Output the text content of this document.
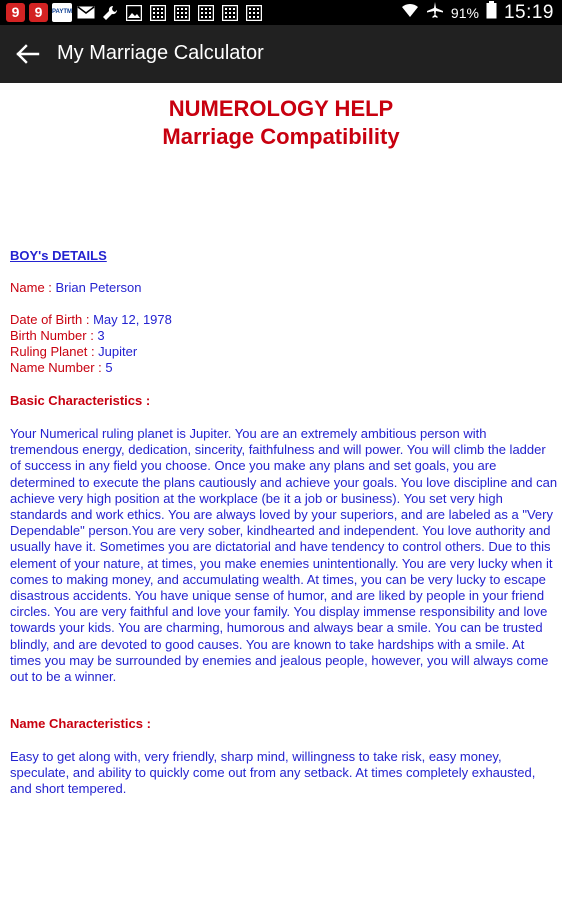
9	9	PAYTM	91% 15:19
My Marriage Calculator
NUMEROLOGY HELP
Marriage Compatibility
BOY's DETAILS
Name : Brian Peterson
Date of Birth : May 12, 1978
Birth Number : 3
Ruling Planet : Jupiter
Name Number : 5
Basic Characteristics :
Your Numerical ruling planet is Jupiter. You are an extremely ambitious person with tremendous energy, dedication, sincerity, faithfulness and will power. You will climb the ladder of success in any field you choose. Once you make any plans and set goals, you are determined to execute the plans cautiously and achieve your goals. You love discipline and can achieve very high position at the workplace (be it a job or business). You set very high standards and work ethics. You are always loved by your superiors, and are labeled as a "Very Dependable" person.You are very sober, kindhearted and independent. You love authority and usually have it. Sometimes you are dictatorial and have tendency to control others. Due to this element of your nature, at times, you make enemies unintentionally. You are very lucky when it comes to making money, and accumulating wealth. At times, you can be very lucky to escape disastrous accidents. You have unique sense of humor, and are liked by people in your friend circles. You are very faithful and love your family. You display immense responsibility and love towards your kids. You are charming, humorous and always bear a smile. You can be trusted blindly, and are devoted to good causes. You are known to take hardships with a smile. At times you may be surrounded by enemies and jealous people, however, you will always come out to be a winner.
Name Characteristics :
Easy to get along with, very friendly, sharp mind, willingness to take risk, easy money, speculate, and ability to quickly come out from any setback. At times completely exhausted, and short tempered.
